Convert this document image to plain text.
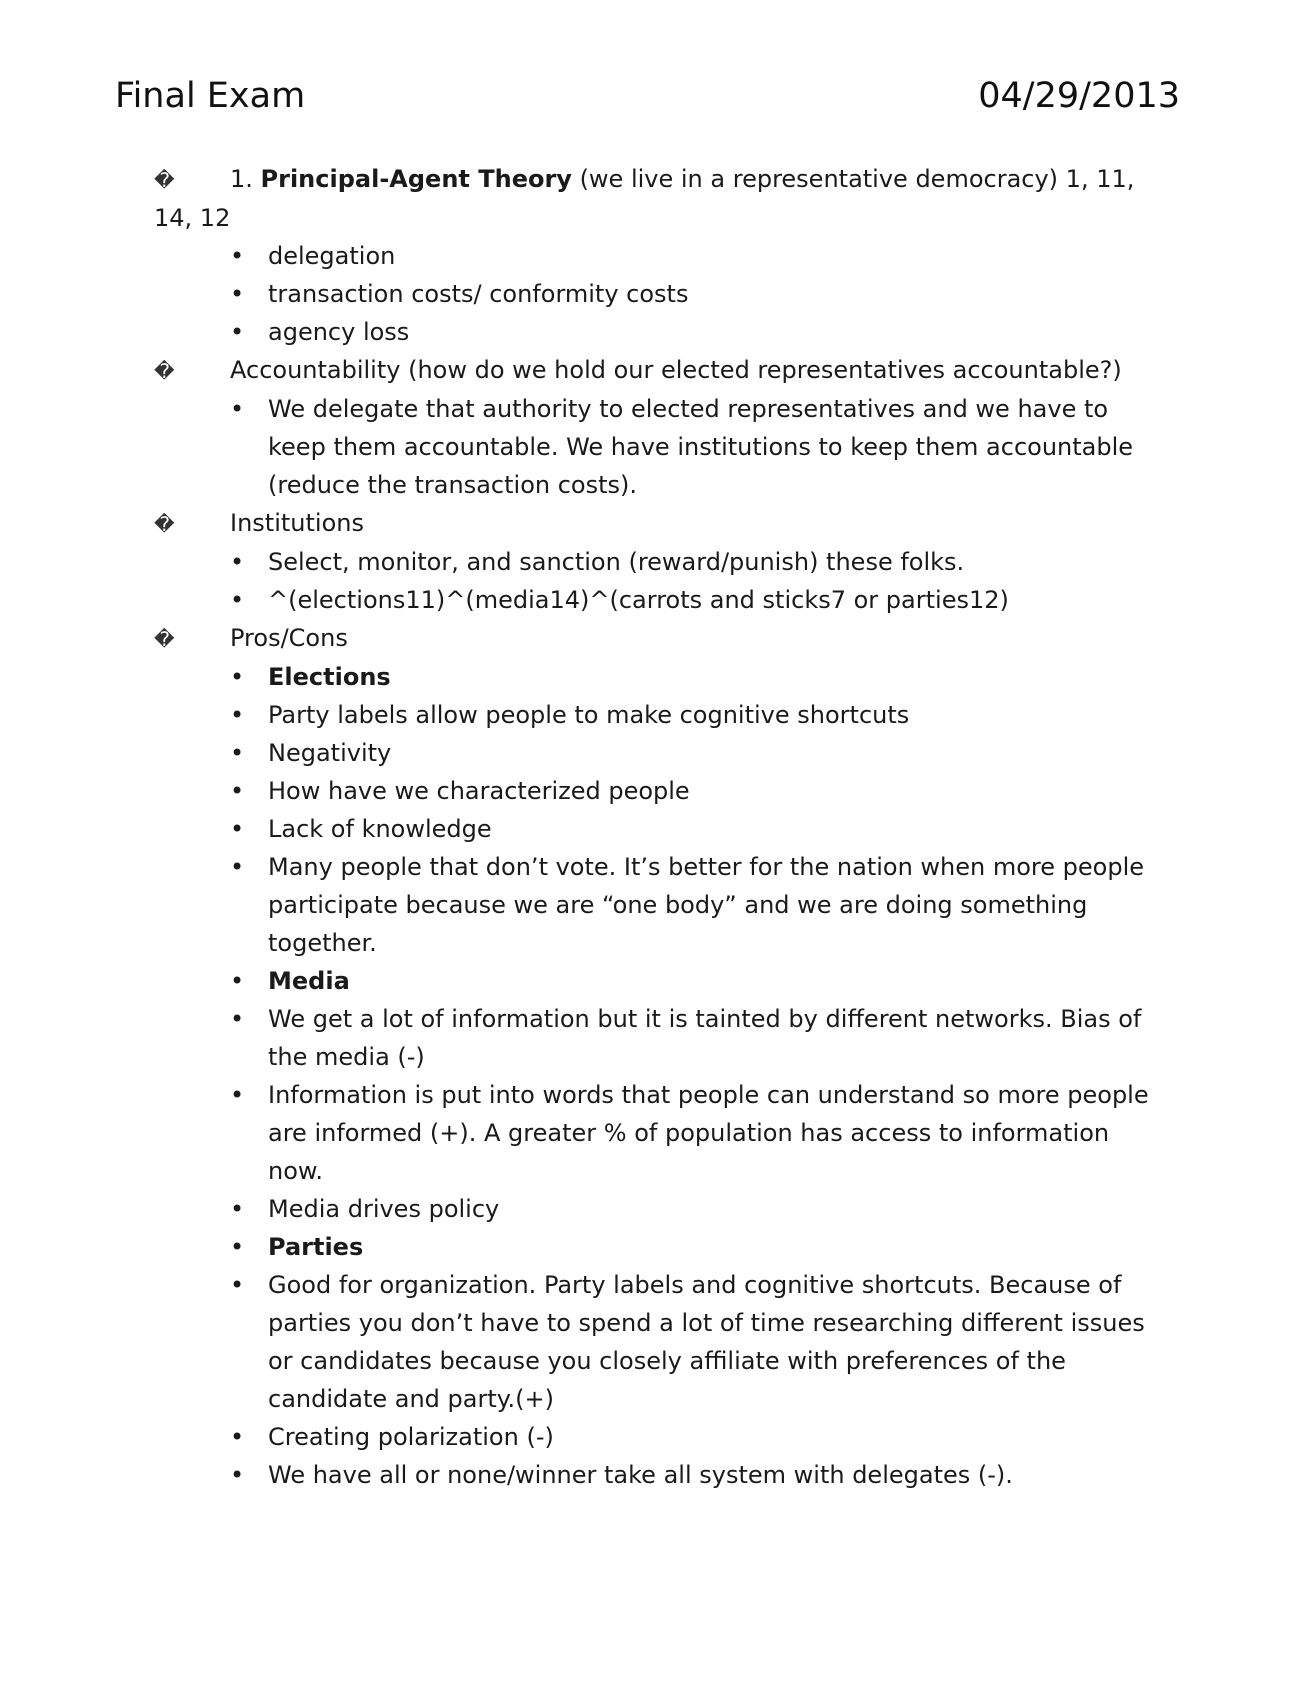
Final Exam	04/29/2013

� 1. Principal-Agent Theory (we live in a representative democracy) 1, 11, 14, 12

• delegation
• transaction costs/ conformity costs
• agency loss

� Accountability (how do we hold our elected representatives accountable?)

• We delegate that authority to elected representatives and we have to keep them accountable. We have institutions to keep them accountable (reduce the transaction costs).

� Institutions

• Select, monitor, and sanction (reward/punish) these folks.
• ^(elections11)^(media14)^(carrots and sticks7 or parties12)

� Pros/Cons

• Elections
• Party labels allow people to make cognitive shortcuts
• Negativity
• How have we characterized people
• Lack of knowledge
• Many people that don’t vote. It’s better for the nation when more people participate because we are “one body” and we are doing something together.
• Media
• We get a lot of information but it is tainted by different networks. Bias of the media (-)
• Information is put into words that people can understand so more people are informed (+). A greater % of population has access to information now.
• Media drives policy
• Parties
• Good for organization. Party labels and cognitive shortcuts. Because of parties you don’t have to spend a lot of time researching different issues or candidates because you closely affiliate with preferences of the candidate and party.(+)
• Creating polarization (-)
• We have all or none/winner take all system with delegates (-).
